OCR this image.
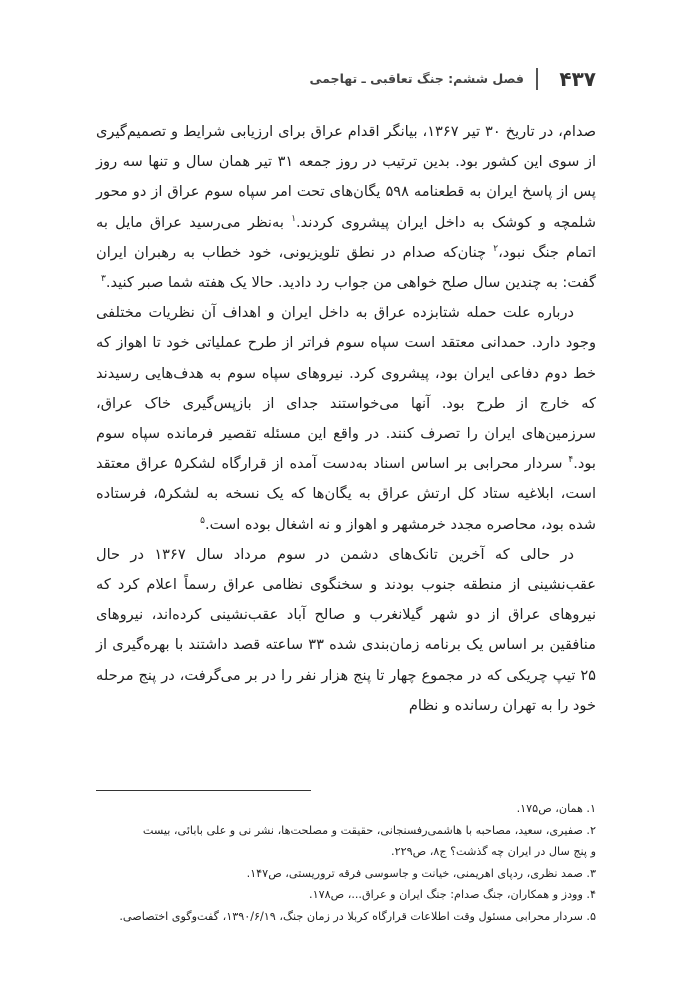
۴۳۷
فصل ششم: جنگ تعاقبی ـ تهاجمی

صدام، در تاریخ ۳۰ تیر ۱۳۶۷، بیانگر اقدام عراق برای ارزیابی شرایط و تصمیم‌گیری از سوی این کشور بود. بدین ترتیب در روز جمعه ۳۱ تیر همان سال و تنها سه روز پس از پاسخ ایران به قطعنامه ۵۹۸ یگان‌های تحت امر سپاه سوم عراق از دو محور شلمچه و کوشک به داخل ایران پیشروی کردند.$^۱$ به‌نظر می‌رسید عراق مایل به اتمام جنگ نبود،$^۲$ چنان‌که صدام در نطق تلویزیونی، خود خطاب به رهبران ایران گفت: به چندین سال صلح خواهی من جواب رد دادید. حالا یک هفته شما صبر کنید.$^۳$

درباره علت حمله شتابزده عراق به داخل ایران و اهداف آن نظریات مختلفی وجود دارد. حمدانی معتقد است سپاه سوم فراتر از طرح عملیاتی خود تا اهواز که خط دوم دفاعی ایران بود، پیشروی کرد. نیروهای سپاه سوم به هدف‌هایی رسیدند که خارج از طرح بود. آنها می‌خواستند جدای از بازپس‌گیری خاک عراق، سرزمین‌های ایران را تصرف کنند. در واقع این مسئله تقصیر فرمانده سپاه سوم بود.$^۴$ سردار محرابی بر اساس اسناد به‌دست آمده از قرارگاه لشکر۵ عراق معتقد است، ابلاغیه ستاد کل ارتش عراق به یگان‌ها که یک نسخه به لشکر۵، فرستاده شده بود، محاصره مجدد خرمشهر و اهواز و نه اشغال بوده است.$^۵$

در حالی که آخرین تانک‌های دشمن در سوم مرداد سال ۱۳۶۷ در حال عقب‌نشینی از منطقه جنوب بودند و سخنگوی نظامی عراق رسماً اعلام کرد که نیروهای عراق از دو شهر گیلانغرب و صالح آباد عقب‌نشینی کرده‌اند، نیروهای منافقین بر اساس یک برنامه زمان‌بندی شده ۳۳ ساعته قصد داشتند با بهره‌گیری از ۲۵ تیپ چریکی که در مجموع چهار تا پنج هزار نفر را در بر می‌گرفت، در پنج مرحله خود را به تهران رسانده و نظام

۱. همان، ص۱۷۵.

۲. صفیری، سعید، مصاحبه با هاشمی‌رفسنجانی، حقیقت و مصلحت‌ها، نشر نی و علی بابائی، بیست

و پنج سال در ایران چه گذشت؟ ج۸، ص۲۲۹.

۳. صمد نظری، ردپای اهریمنی، خیانت و جاسوسی فرقه تروریستی، ص۱۴۷.

۴. وودز و همکاران، جنگ صدام: جنگ ایران و عراق...، ص۱۷۸.

۵. سردار محرابی مسئول وقت اطلاعات قرارگاه کربلا در زمان جنگ، ۱۳۹۰/۶/۱۹، گفت‌وگوی اختصاصی.
